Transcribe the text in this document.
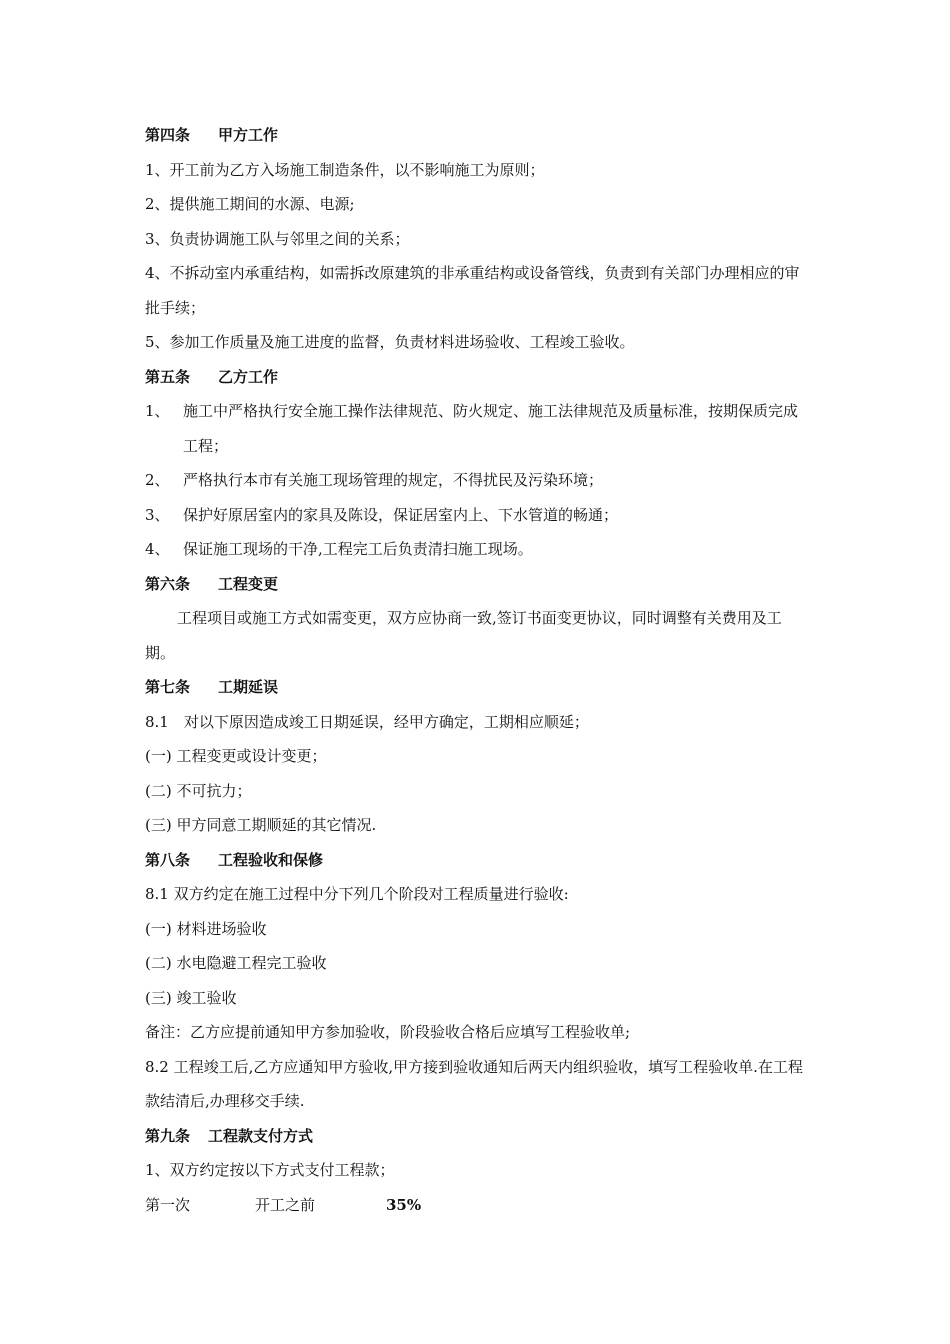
第四条 甲方工作
1、开工前为乙方入场施工制造条件，以不影响施工为原则；
2、提供施工期间的水源、电源;
3、负责协调施工队与邻里之间的关系；
4、不拆动室内承重结构，如需拆改原建筑的非承重结构或设备管线，负责到有关部门办理相应的审批手续；
5、参加工作质量及施工进度的监督，负责材料进场验收、工程竣工验收。
第五条 乙方工作
1、 施工中严格执行安全施工操作法律规范、防火规定、施工法律规范及质量标准，按期保质完成工程；
2、 严格执行本市有关施工现场管理的规定，不得扰民及污染环境；
3、 保护好原居室内的家具及陈设，保证居室内上、下水管道的畅通；
4、 保证施工现场的干净,工程完工后负责清扫施工现场。
第六条 工程变更
工程项目或施工方式如需变更，双方应协商一致,签订书面变更协议，同时调整有关费用及工期。
第七条 工期延误
8.1　对以下原因造成竣工日期延误，经甲方确定，工期相应顺延；
(一) 工程变更或设计变更；
(二) 不可抗力；
(三) 甲方同意工期顺延的其它情况.
第八条 工程验收和保修
8.1 双方约定在施工过程中分下列几个阶段对工程质量进行验收:
(一) 材料进场验收
(二) 水电隐避工程完工验收
(三) 竣工验收
备注：乙方应提前通知甲方参加验收，阶段验收合格后应填写工程验收单;
8.2 工程竣工后,乙方应通知甲方验收,甲方接到验收通知后两天内组织验收，填写工程验收单.在工程款结清后,办理移交手续.
第九条 工程款支付方式
1、双方约定按以下方式支付工程款；
第一次	开工之前	35%
